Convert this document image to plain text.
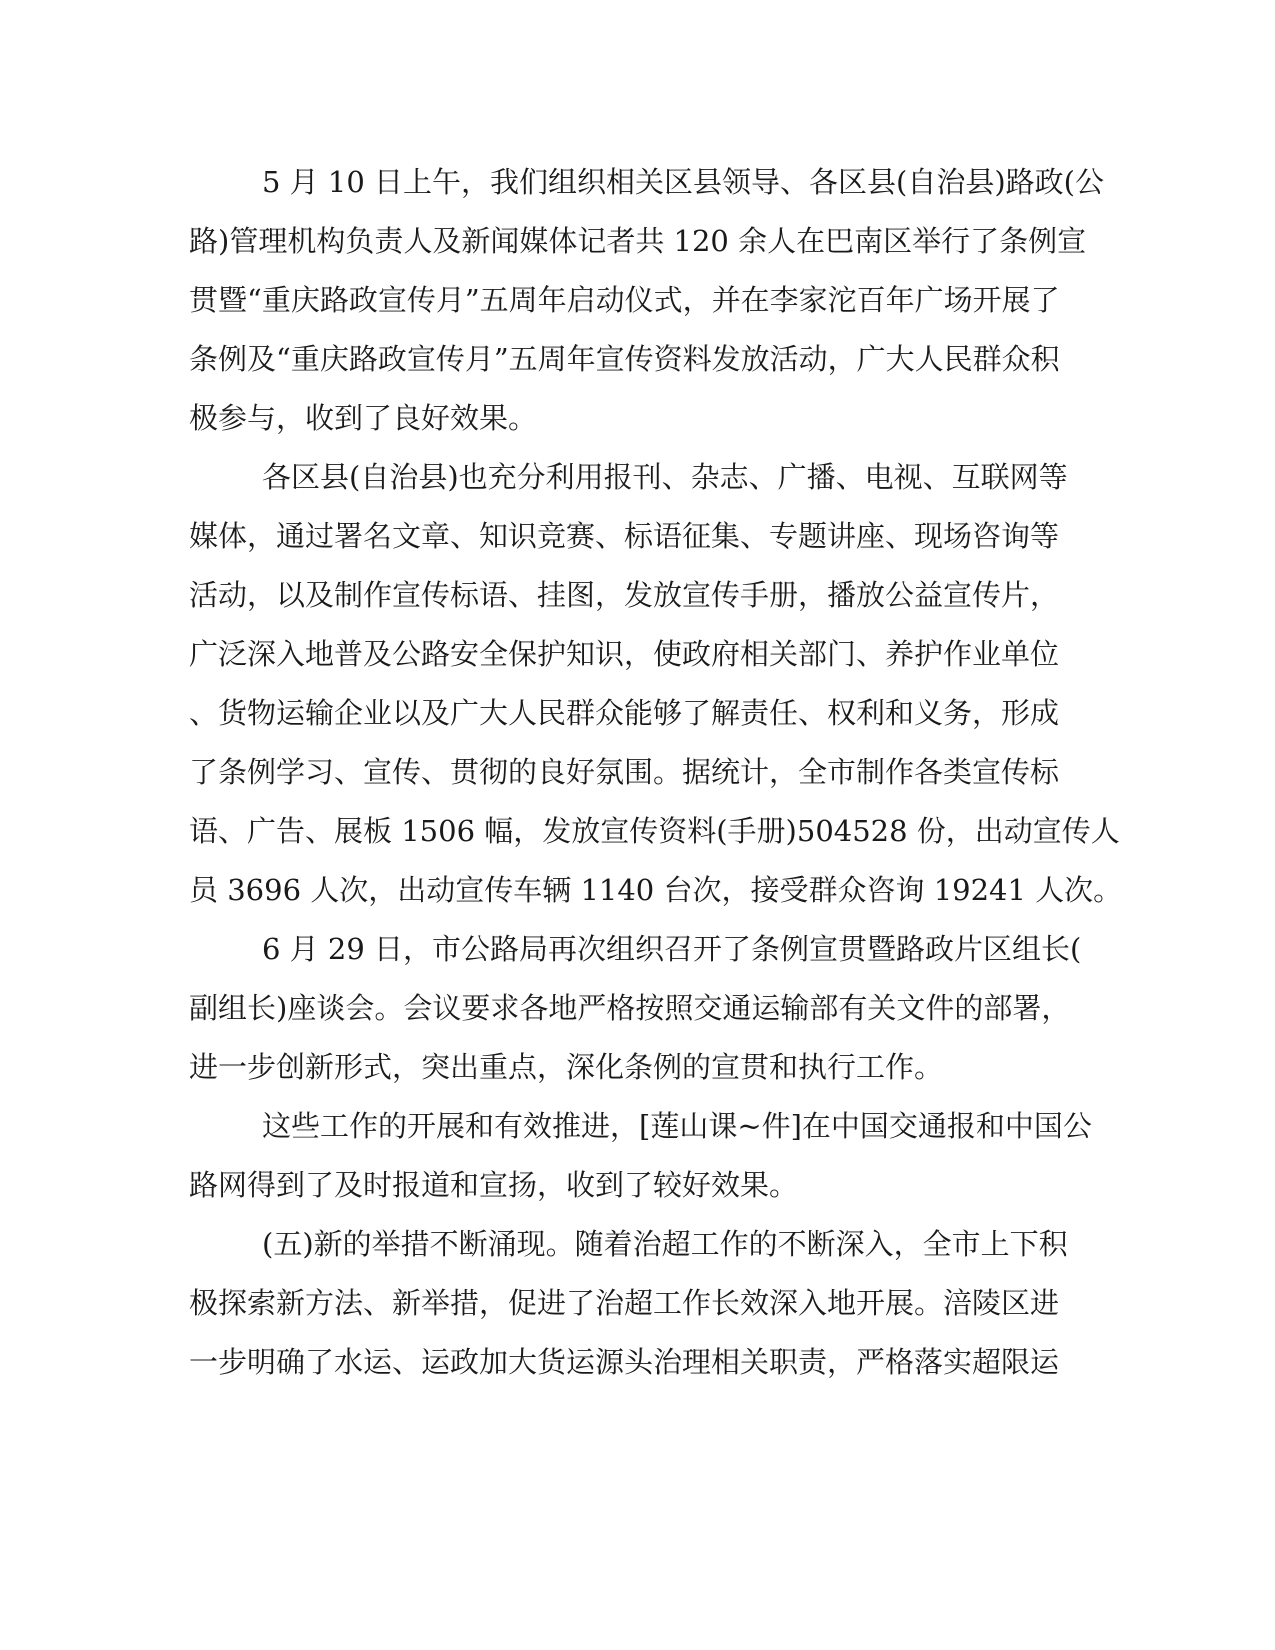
5 月 10 日上午，我们组织相关区县领导、各区县(自治县)路政(公
路)管理机构负责人及新闻媒体记者共 120 余人在巴南区举行了条例宣
贯暨“重庆路政宣传月”五周年启动仪式，并在李家沱百年广场开展了
条例及“重庆路政宣传月”五周年宣传资料发放活动，广大人民群众积
极参与，收到了良好效果。
各区县(自治县)也充分利用报刊、杂志、广播、电视、互联网等
媒体，通过署名文章、知识竞赛、标语征集、专题讲座、现场咨询等
活动，以及制作宣传标语、挂图，发放宣传手册，播放公益宣传片，
广泛深入地普及公路安全保护知识，使政府相关部门、养护作业单位
、货物运输企业以及广大人民群众能够了解责任、权利和义务，形成
了条例学习、宣传、贯彻的良好氛围。据统计，全市制作各类宣传标
语、广告、展板 1506 幅，发放宣传资料(手册)504528 份，出动宣传人
员 3696 人次，出动宣传车辆 1140 台次，接受群众咨询 19241 人次。
6 月 29 日，市公路局再次组织召开了条例宣贯暨路政片区组长(
副组长)座谈会。会议要求各地严格按照交通运输部有关文件的部署，
进一步创新形式，突出重点，深化条例的宣贯和执行工作。
这些工作的开展和有效推进，[莲山课~件]在中国交通报和中国公
路网得到了及时报道和宣扬，收到了较好效果。
(五)新的举措不断涌现。随着治超工作的不断深入，全市上下积
极探索新方法、新举措，促进了治超工作长效深入地开展。涪陵区进
一步明确了水运、运政加大货运源头治理相关职责，严格落实超限运
